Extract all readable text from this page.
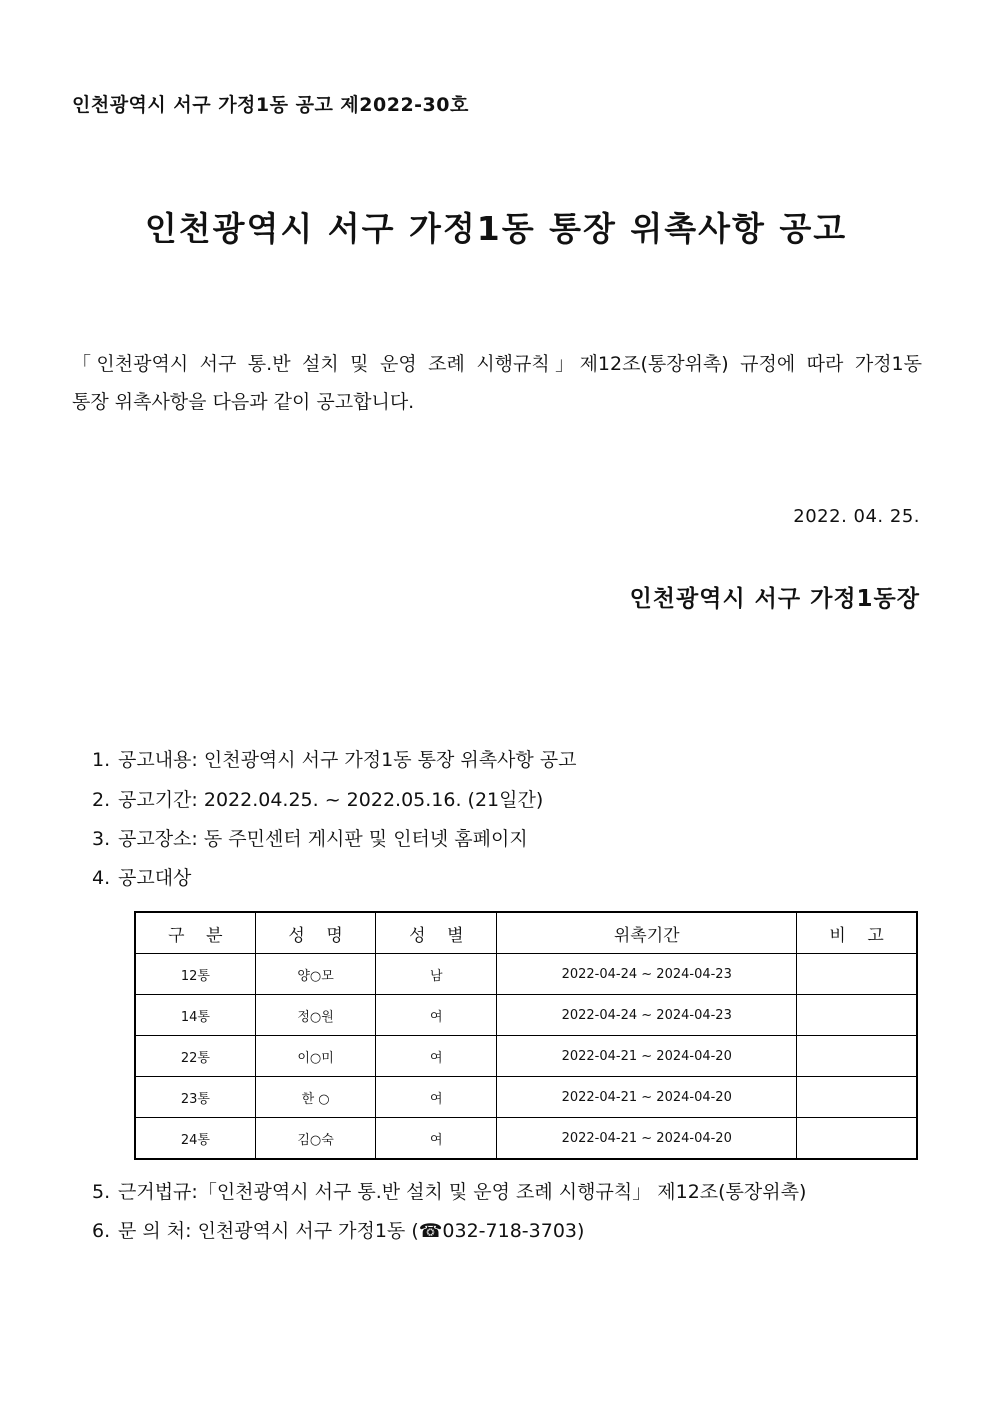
인천광역시 서구 가정1동 공고 제2022-30호
인천광역시 서구 가정1동 통장 위촉사항 공고
「인천광역시 서구 통.반 설치 및 운영 조례 시행규칙」제12조(통장위촉) 규정에 따라 가정1동
통장 위촉사항을 다음과 같이 공고합니다.
2022. 04. 25.
인천광역시 서구 가정1동장
1. 공고내용: 인천광역시 서구 가정1동 통장 위촉사항 공고
2. 공고기간: 2022.04.25. ~ 2022.05.16. (21일간)
3. 공고장소: 동 주민센터 게시판 및 인터넷 홈페이지
4. 공고대상
구    분	성    명	성    별	위촉기간	비    고
12통	양○모	남	2022-04-24 ~ 2024-04-23	
14통	정○원	여	2022-04-24 ~ 2024-04-23	
22통	이○미	여	2022-04-21 ~ 2024-04-20	
23통	한 ○	여	2022-04-21 ~ 2024-04-20	
24통	김○숙	여	2022-04-21 ~ 2024-04-20	
5. 근거법규:「인천광역시 서구 통.반 설치 및 운영 조례 시행규칙」 제12조(통장위촉)
6. 문 의 처: 인천광역시 서구 가정1동 (☎032-718-3703)
